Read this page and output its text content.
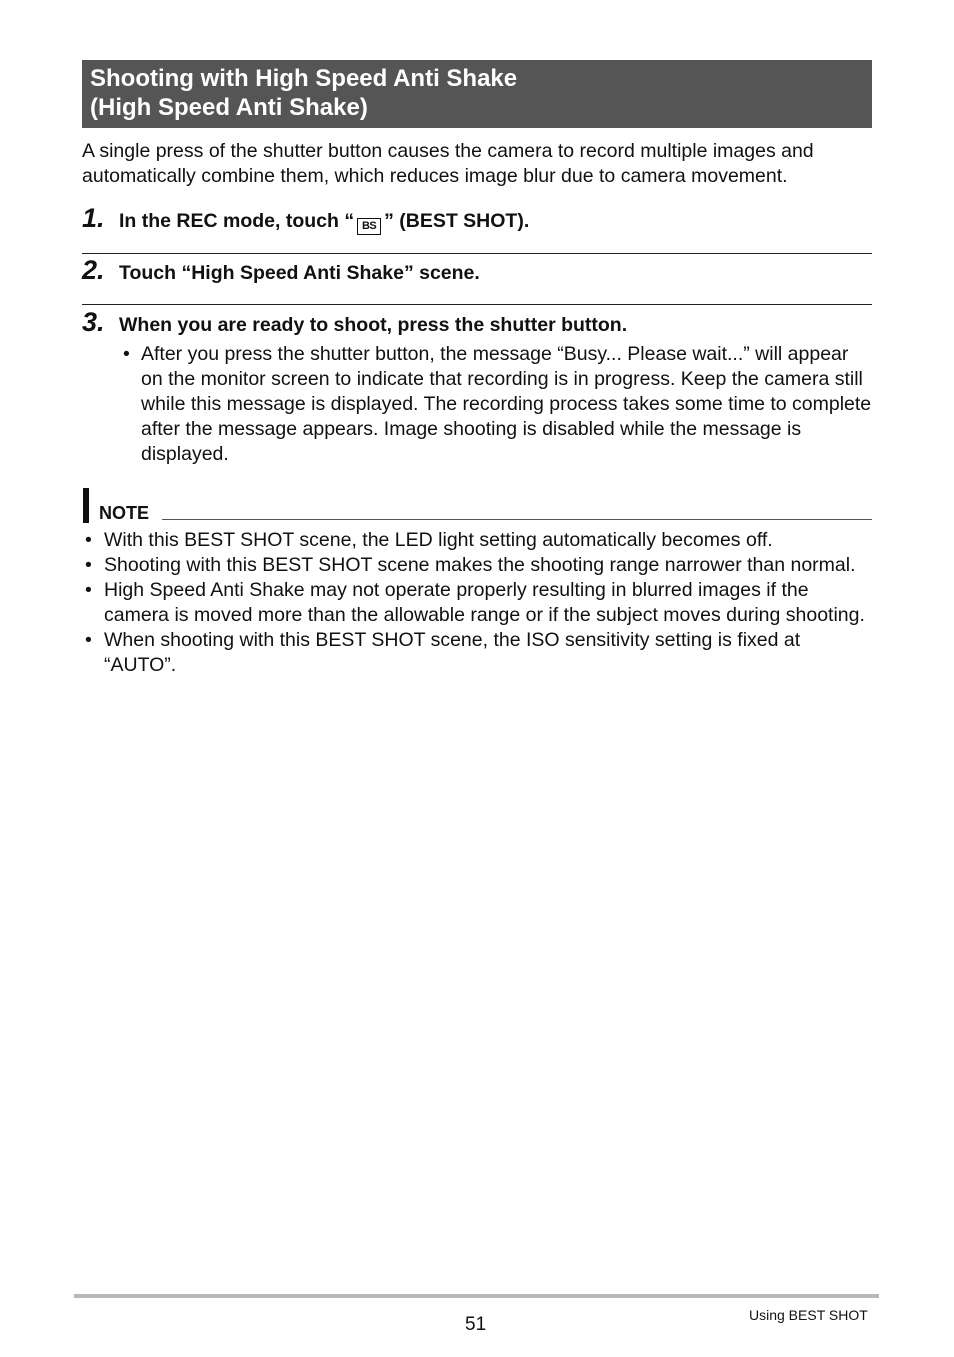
Shooting with High Speed Anti Shake
(High Speed Anti Shake)
A single press of the shutter button causes the camera to record multiple images and automatically combine them, which reduces image blur due to camera movement.
1. In the REC mode, touch “ BS ” (BEST SHOT).
2. Touch “High Speed Anti Shake” scene.
3. When you are ready to shoot, press the shutter button.
• After you press the shutter button, the message “Busy... Please wait...” will appear on the monitor screen to indicate that recording is in progress. Keep the camera still while this message is displayed. The recording process takes some time to complete after the message appears. Image shooting is disabled while the message is displayed.
NOTE
• With this BEST SHOT scene, the LED light setting automatically becomes off.
• Shooting with this BEST SHOT scene makes the shooting range narrower than normal.
• High Speed Anti Shake may not operate properly resulting in blurred images if the camera is moved more than the allowable range or if the subject moves during shooting.
• When shooting with this BEST SHOT scene, the ISO sensitivity setting is fixed at “AUTO”.
51	Using BEST SHOT
